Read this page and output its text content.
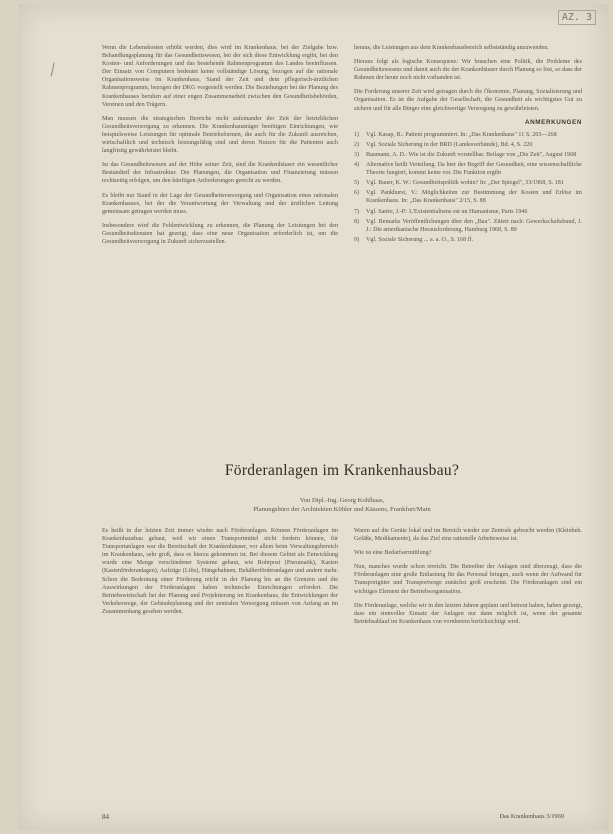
AZ. 3

Wenn die Lebenskosten erhöht werden, dies wird im Krankenhaus, bei der Zielgabe bzw. Behandlungsplanung für das Gesundheitswesen, bei der sich diese Entwicklung ergibt, bei den Kosten- und Anforderungen und das bestehende Rahmenprogramm des Landes beeinflussen. Der Einsatz von Computern bedeutet keine vollständige Lösung, bezogen auf die rationale Organisationsweise im Krankenhaus, Stand der Zeit und dem pflegerisch-ärztlichen Rahmenprogramm, bezogen der DKG vorgestellt werden. Die Beziehungen bei der Planung des Krankenhauses beruhen auf einer engen Zusammenarbeit zwischen den Gesundheitsbehörden, Vereinen und den Trägern.

Man mussen die strategischen Bereiche nicht aufeinander der Zeit der betrieblichen Gesundheitsversorgung zu erkennen. Die Krankenhausträger benötigen Einrichtungen, wie beispielsweise Leistungen für optimale Betriebsformen, die auch für die Zukunft ausreichen, wirtschaftlich und technisch leistungsfähig sind und deren Nutzen für die Patienten auch langfristig gewährleistet bleibt.

Ist das Gesundheitswesen auf der Höhe seiner Zeit, sind die Krankenhäuser ein wesentlicher Bestandteil der Infrastruktur. Die Planungen, die Organisation und Finanzierung müssen rechtzeitig erfolgen, um den künftigen Anforderungen gerecht zu werden.

Es bleibt nur Stand in der Lage der Gesundheitsversorgung und Organisation eines rationalen Krankenhauses, bei der die Verantwortung der Verwaltung und der ärztlichen Leitung gemeinsam getragen werden muss.

Insbesondere wird die Fehlentwicklung zu erkennen, die Planung der Leistungen bei den Gesundheitsdiensten hat gezeigt, dass eine neue Organisation erforderlich ist, um die Gesundheitsversorgung in Zukunft sicherzustellen.

heraus, die Leistungen aus dem Krankenhausbereich selbstständig anzuwenden.

Hieraus folgt als logische Konsequenz: Wir brauchen eine Politik, die Probleme des Gesundheitswesens und damit auch die der Krankenhäuser durch Planung so löst, so dass der Rahmen der heute noch nicht vorhanden ist.

Die Forderung unserer Zeit wird getragen durch die Ökonomie, Planung, Sozialisierung und Organisation. Es ist die Aufgabe der Gesellschaft, die Gesundheit als wichtigstes Gut zu sichern und für alle Bürger eine gleichwertige Versorgung zu gewährleisten.

ANMERKUNGEN
1)	Vgl. Kasap, R.: Patient programmiert. In: „Das Krankenhaus" 11 S. 265—268
2)	Vgl. Soziale Sicherung in der BRD (Landesverbände), Bd. 4, S. 220
3)	Baumann, A. D.: Wie ist die Zukunft vorstellbar. Beilage von „Die Zeit", August 1968
4)	Alternative heißt Verteilung. Da hier der Begriff der Gesundheit, eine wissenschaftliche Theorie fungiert, kommt keine vor. Die Funktion ergibt
5)	Vgl. Bauer, K. W.: Gesundheitspolitik wohin? In: „Der Spiegel", 33/1968, S. 181
6)	Vgl. Pankhurst, V.: Möglichkeiten zur Bestimmung der Kosten und Erlöse im Krankenhaus. In: „Das Krankenhaus" 2/15, S. 88
7)	Vgl. Sartre, J.-P.: L'Existentialisme est un Humanisme, Paris 1946
8)	Vgl. Remarks Veröffentlichungen über den „Bau". Zitiert nach: Gewerkschaftsbund, J. J.: Die amerikanische Herausforderung, Hamburg 1968, S. 89
9)	Vgl. Soziale Sicherung ... a. a. O., S. 168 ff.
Förderanlagen im Krankenhausbau?
Von Dipl.-Ing. Georg Kohlhaas,
Planungsbüro der Architekten Köhler und Kässens, Frankfurt/Main

Es heißt in der letzten Zeit immer wieder nach Förderanlagen. Können Förderanlagen im Krankenhausbau gebaut, weil wir einen Transportmittel nicht fordern können, für Transportanlagen war die Bereitschaft der Krankenhäuser, vor allem beim Verwaltungsbereich im Krankenhaus, sehr groß, dass es hierzu gekommen ist. Bei diesem Gebiet als Entwicklung wurde eine Menge verschiedener Systeme gebaut, wie Rohrpost (Pneumatik), Kasten (Kastenförderanlagen), Aufzüge (Lifts), Hängebahnen, Behälterförderanlagen und andere mehr. Schon die Bedeutung einer Förderung reicht in der Planung bis an die Grenzen und die Auswirkungen der Förderanlagen haben technische Einrichtungen erfordert. Die Betriebswirtschaft bei der Planung und Projektierung im Krankenhaus, die Entwicklungen der Verkehrswege, der Gebäudeplanung und der zentralen Versorgung müssen von Anfang an im Zusammenhang gesehen werden.

Waren auf die Geräte lokal und im Bereich wieder zur Zentrale gebracht werden (Kleinbeh. Gefäße, Medikamente), da das Ziel eine rationelle Arbeitsweise ist.

Wie ist eine Bedarfsermittlung?

Nun, manches wurde schon erreicht. Die Betreiber der Anlagen sind überzeugt, dass die Förderanlagen eine große Entlastung für das Personal bringen, auch wenn der Aufwand für Transportgüter und Transportwege zunächst groß erscheint. Die Förderanlagen sind ein wichtiges Element der Betriebsorganisation.

Die Förderanlage, welche wir in den letzten Jahren geplant und betreut haben, haben gezeigt, dass ein sinnvoller Einsatz der Anlagen nur dann möglich ist, wenn der gesamte Betriebsablauf im Krankenhaus von vornherein berücksichtigt wird.

84	Das Krankenhaus 3/1969
